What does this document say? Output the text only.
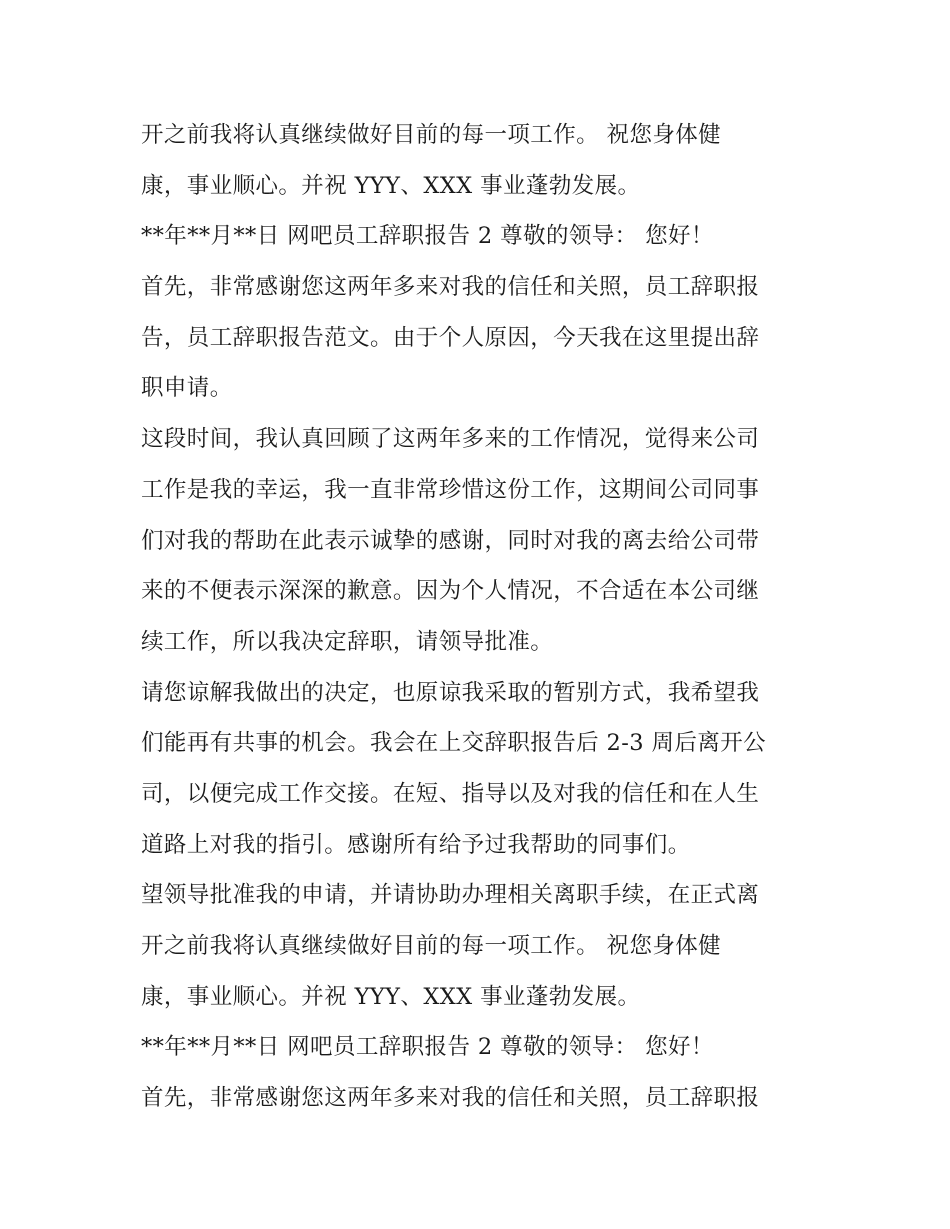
开之前我将认真继续做好目前的每一项工作。 祝您身体健
康，事业顺心。并祝 YYY、XXX 事业蓬勃发展。
**年**月**日 网吧员工辞职报告 2 尊敬的领导： 您好！
首先，非常感谢您这两年多来对我的信任和关照，员工辞职报
告，员工辞职报告范文。由于个人原因，今天我在这里提出辞
职申请。
这段时间，我认真回顾了这两年多来的工作情况，觉得来公司
工作是我的幸运，我一直非常珍惜这份工作，这期间公司同事
们对我的帮助在此表示诚挚的感谢，同时对我的离去给公司带
来的不便表示深深的歉意。因为个人情况，不合适在本公司继
续工作，所以我决定辞职，请领导批准。
请您谅解我做出的决定，也原谅我采取的暂别方式，我希望我
们能再有共事的机会。我会在上交辞职报告后 2-3 周后离开公
司，以便完成工作交接。在短、指导以及对我的信任和在人生
道路上对我的指引。感谢所有给予过我帮助的同事们。
望领导批准我的申请，并请协助办理相关离职手续，在正式离
开之前我将认真继续做好目前的每一项工作。 祝您身体健
康，事业顺心。并祝 YYY、XXX 事业蓬勃发展。
**年**月**日 网吧员工辞职报告 2 尊敬的领导： 您好！
首先，非常感谢您这两年多来对我的信任和关照，员工辞职报
